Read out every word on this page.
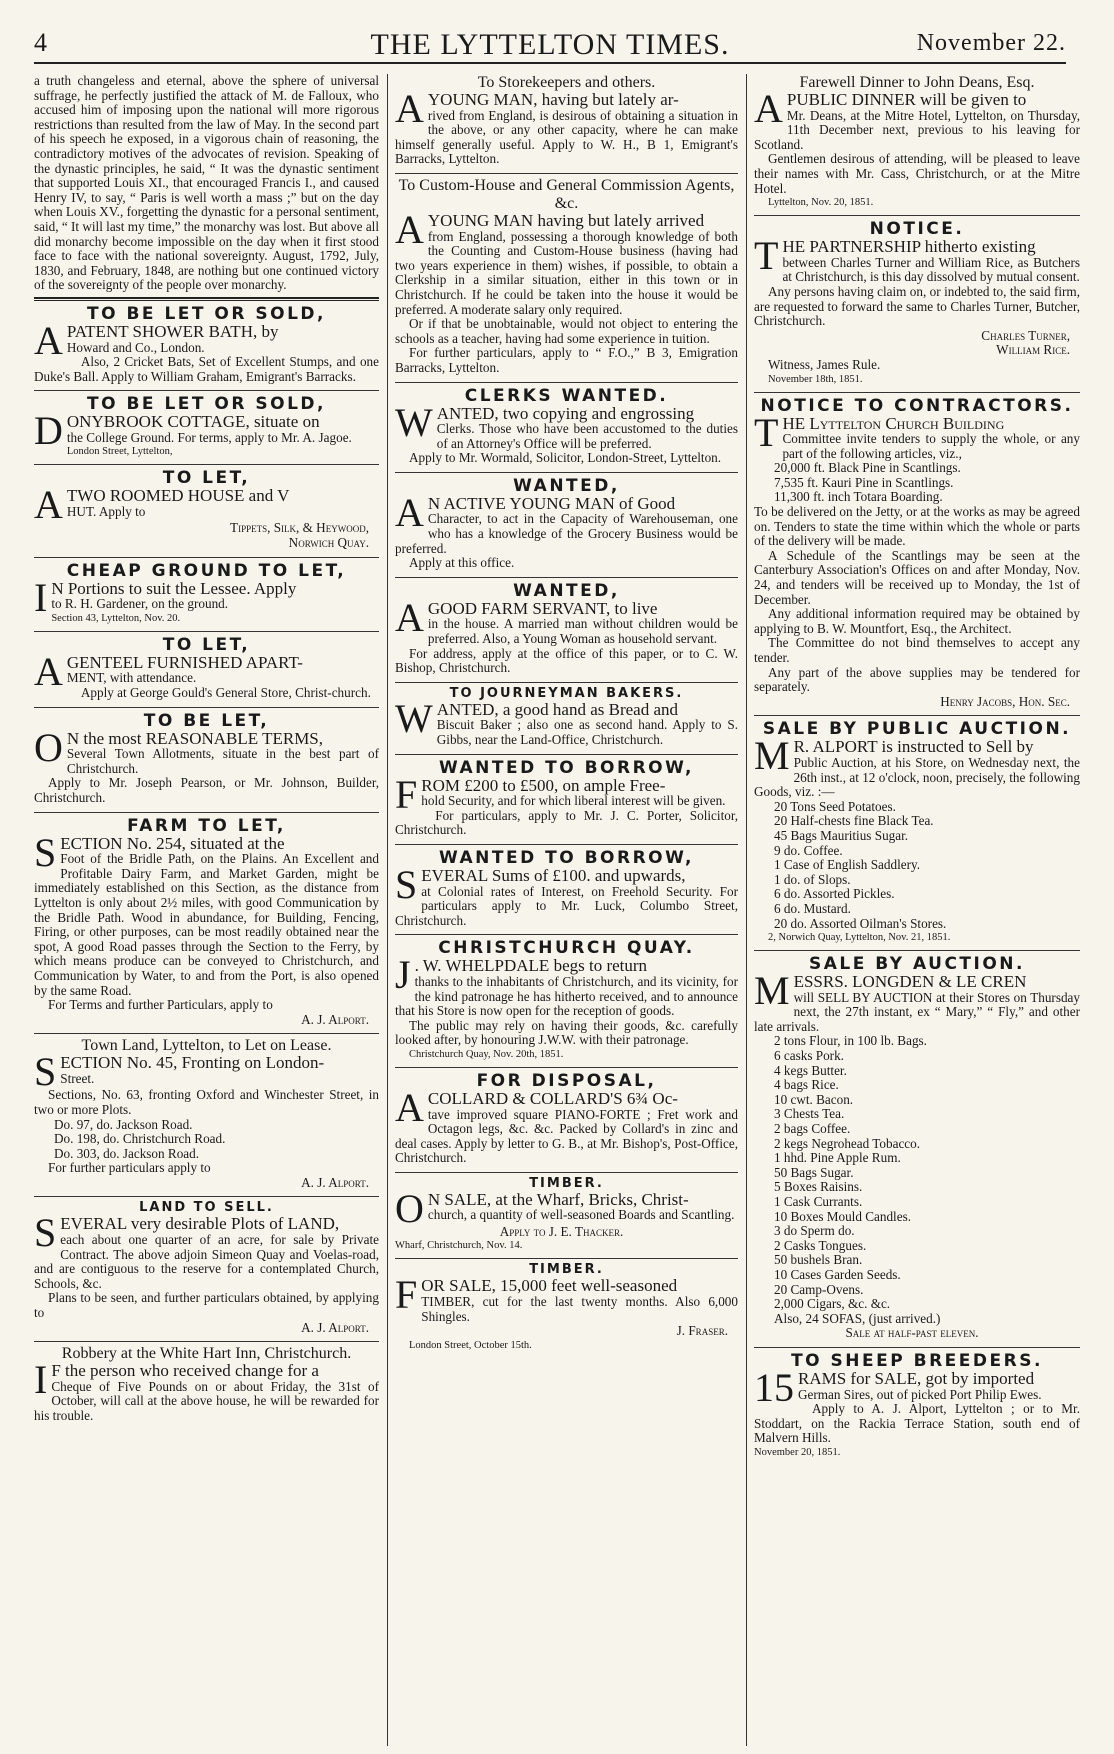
THE LYTTELTON TIMES.
4	November 22.

a truth changeless and eternal, above the sphere of universal suffrage, he perfectly justified the attack of M. de Falloux, who accused him of imposing upon the national will more rigorous restrictions than resulted from the law of May. In the second part of his speech he exposed, in a vigorous chain of reasoning, the contradictory motives of the advocates of revision. Speaking of the dynastic principles, he said, “ It was the dynastic sentiment that supported Louis XI., that encouraged Francis I., and caused Henry IV, to say, “ Paris is well worth a mass ;” but on the day when Louis XV., forgetting the dynastic for a personal sentiment, said, “ It will last my time,” the monarchy was lost. But above all did monarchy become impossible on the day when it first stood face to face with the national sovereignty. August, 1792, July, 1830, and February, 1848, are nothing but one continued victory of the sovereignty of the people over monarchy.

TO BE LET OR SOLD,

APATENT SHOWER BATH, by
Howard and Co., London.

Also, 2 Cricket Bats, Set of Excellent Stumps, and one Duke's Ball. Apply to William Graham, Emigrant's Barracks.

TO BE LET OR SOLD,

DONYBROOK COTTAGE, situate on
the College Ground. For terms, apply to Mr. A. Jagoe.

London Street, Lyttelton,

TO LET,

ATWO ROOMED HOUSE and V
HUT. Apply to

Tippets, Silk, & Heywood,

Norwich Quay.

CHEAP GROUND TO LET,

I N Portions to suit the Lessee. Apply
to R. H. Gardener, on the ground.

Section 43, Lyttelton, Nov. 20.

TO LET,

AGENTEEL FURNISHED APART-
MENT, with attendance.

Apply at George Gould's General Store, Christ-church.

TO BE LET,

O N the most REASONABLE TERMS,
Several Town Allotments, situate in the best part of Christchurch.

Apply to Mr. Joseph Pearson, or Mr. Johnson, Builder, Christchurch.

FARM TO LET,

SECTION No. 254, situated at the
Foot of the Bridle Path, on the Plains. An Excellent and Profitable Dairy Farm, and Market Garden, might be immediately established on this Section, as the distance from Lyttelton is only about 2½ miles, with good Communication by the Bridle Path. Wood in abundance, for Building, Fencing, Firing, or other purposes, can be most readily obtained near the spot, A good Road passes through the Section to the Ferry, by which means produce can be conveyed to Christchurch, and Communication by Water, to and from the Port, is also opened by the same Road.

For Terms and further Particulars, apply to

A. J. Alport.

Town Land, Lyttelton, to Let on Lease.

SECTION No. 45, Fronting on London-
Street.

Sections, No. 63, fronting Oxford and Winchester Street, in two or more Plots.

Do. 97, do. Jackson Road.

Do. 198, do. Christchurch Road.

Do. 303, do. Jackson Road.

For further particulars apply to

A. J. Alport.

LAND TO SELL.

SEVERAL very desirable Plots of LAND,
each about one quarter of an acre, for sale by Private Contract. The above adjoin Simeon Quay and Voelas-road, and are contiguous to the reserve for a contemplated Church, Schools, &c.

Plans to be seen, and further particulars obtained, by applying to

A. J. Alport.

Robbery at the White Hart Inn, Christchurch.

I F the person who received change for a
Cheque of Five Pounds on or about Friday, the 31st of October, will call at the above house, he will be rewarded for his trouble.

To Storekeepers and others.

AYOUNG MAN, having but lately ar-
rived from England, is desirous of obtaining a situation in the above, or any other capacity, where he can make himself generally useful. Apply to W. H., B 1, Emigrant's Barracks, Lyttelton.

To Custom-House and General Commission Agents, &c.

AYOUNG MAN having but lately arrived
from England, possessing a thorough knowledge of both the Counting and Custom-House business (having had two years experience in them) wishes, if possible, to obtain a Clerkship in a similar situation, either in this town or in Christchurch. If he could be taken into the house it would be preferred. A moderate salary only required.

Or if that be unobtainable, would not object to entering the schools as a teacher, having had some experience in tuition.

For further particulars, apply to “ F.O.,” B 3, Emigration Barracks, Lyttelton.

CLERKS WANTED.

WANTED, two copying and engrossing
Clerks. Those who have been accustomed to the duties of an Attorney's Office will be preferred.

Apply to Mr. Wormald, Solicitor, London-Street, Lyttelton.

WANTED,

A N ACTIVE YOUNG MAN of Good
Character, to act in the Capacity of Warehouseman, one who has a knowledge of the Grocery Business would be preferred.

Apply at this office.

WANTED,

AGOOD FARM SERVANT, to live
in the house. A married man without children would be preferred. Also, a Young Woman as household servant.

For address, apply at the office of this paper, or to C. W. Bishop, Christchurch.

TO JOURNEYMAN BAKERS.

WANTED, a good hand as Bread and
Biscuit Baker ; also one as second hand. Apply to S. Gibbs, near the Land-Office, Christchurch.

WANTED TO BORROW,

FROM £200 to £500, on ample Free-
hold Security, and for which liberal interest will be given.

For particulars, apply to Mr. J. C. Porter, Solicitor, Christchurch.

WANTED TO BORROW,

SEVERAL Sums of £100. and upwards,
at Colonial rates of Interest, on Freehold Security. For particulars apply to Mr. Luck, Columbo Street, Christchurch.

CHRISTCHURCH QUAY.

J . W. WHELPDALE begs to return
thanks to the inhabitants of Christchurch, and its vicinity, for the kind patronage he has hitherto received, and to announce that his Store is now open for the reception of goods.

The public may rely on having their goods, &c. carefully looked after, by honouring J.W.W. with their patronage.

Christchurch Quay, Nov. 20th, 1851.

FOR DISPOSAL,

ACOLLARD & COLLARD'S 6¾ Oc-
tave improved square PIANO-FORTE ; Fret work and Octagon legs, &c. &c. Packed by Collard's in zinc and deal cases. Apply by letter to G. B., at Mr. Bishop's, Post-Office, Christchurch.

TIMBER.

O N SALE, at the Wharf, Bricks, Christ-
church, a quantity of well-seasoned Boards and Scantling.

Apply to J. E. Thacker.

Wharf, Christchurch, Nov. 14.

TIMBER.

FOR SALE, 15,000 feet well-seasoned
TIMBER, cut for the last twenty months. Also 6,000 Shingles.

J. Fraser.

London Street, October 15th.

Farewell Dinner to John Deans, Esq.

APUBLIC DINNER will be given to
Mr. Deans, at the Mitre Hotel, Lyttelton, on Thursday, 11th December next, previous to his leaving for Scotland.

Gentlemen desirous of attending, will be pleased to leave their names with Mr. Cass, Christchurch, or at the Mitre Hotel.

Lyttelton, Nov. 20, 1851.

NOTICE.

THE PARTNERSHIP hitherto existing
between Charles Turner and William Rice, as Butchers at Christchurch, is this day dissolved by mutual consent.

Any persons having claim on, or indebted to, the said firm, are requested to forward the same to Charles Turner, Butcher, Christchurch.

Charles Turner,

William Rice.

Witness, James Rule.

November 18th, 1851.

NOTICE TO CONTRACTORS.

THE Lyttelton Church Building
Committee invite tenders to supply the whole, or any part of the following articles, viz.,

20,000 ft. Black Pine in Scantlings.

7,535 ft. Kauri Pine in Scantlings.

11,300 ft. inch Totara Boarding.

To be delivered on the Jetty, or at the works as may be agreed on. Tenders to state the time within which the whole or parts of the delivery will be made.

A Schedule of the Scantlings may be seen at the Canterbury Association's Offices on and after Monday, Nov. 24, and tenders will be received up to Monday, the 1st of December.

Any additional information required may be obtained by applying to B. W. Mountfort, Esq., the Architect.

The Committee do not bind themselves to accept any tender.

Any part of the above supplies may be tendered for separately.

Henry Jacobs, Hon. Sec.

SALE BY PUBLIC AUCTION.

M R. ALPORT is instructed to Sell by
Public Auction, at his Store, on Wednesday next, the 26th inst., at 12 o'clock, noon, precisely, the following Goods, viz. :—

20 Tons Seed Potatoes.

20 Half-chests fine Black Tea.

45 Bags Mauritius Sugar.

9 do. Coffee.

1 Case of English Saddlery.

1 do. of Slops.

6 do. Assorted Pickles.

6 do. Mustard.

20 do. Assorted Oilman's Stores.

2, Norwich Quay, Lyttelton, Nov. 21, 1851.

SALE BY AUCTION.

MESSRS. LONGDEN & LE CREN
will SELL BY AUCTION at their Stores on Thursday next, the 27th instant, ex “ Mary,” “ Fly,” and other late arrivals.

2 tons Flour, in 100 lb. Bags.

6 casks Pork.

4 kegs Butter.

4 bags Rice.

10 cwt. Bacon.

3 Chests Tea.

2 bags Coffee.

2 kegs Negrohead Tobacco.

1 hhd. Pine Apple Rum.

50 Bags Sugar.

5 Boxes Raisins.

1 Cask Currants.

10 Boxes Mould Candles.

3 do Sperm do.

2 Casks Tongues.

50 bushels Bran.

10 Cases Garden Seeds.

20 Camp-Ovens.

2,000 Cigars, &c. &c.

Also, 24 SOFAS, (just arrived.)

Sale at half-past eleven.

TO SHEEP BREEDERS.

15 RAMS for SALE, got by imported
German Sires, out of picked Port Philip Ewes.

Apply to A. J. Alport, Lyttelton ; or to Mr. Stoddart, on the Rackia Terrace Station, south end of Malvern Hills.

November 20, 1851.
